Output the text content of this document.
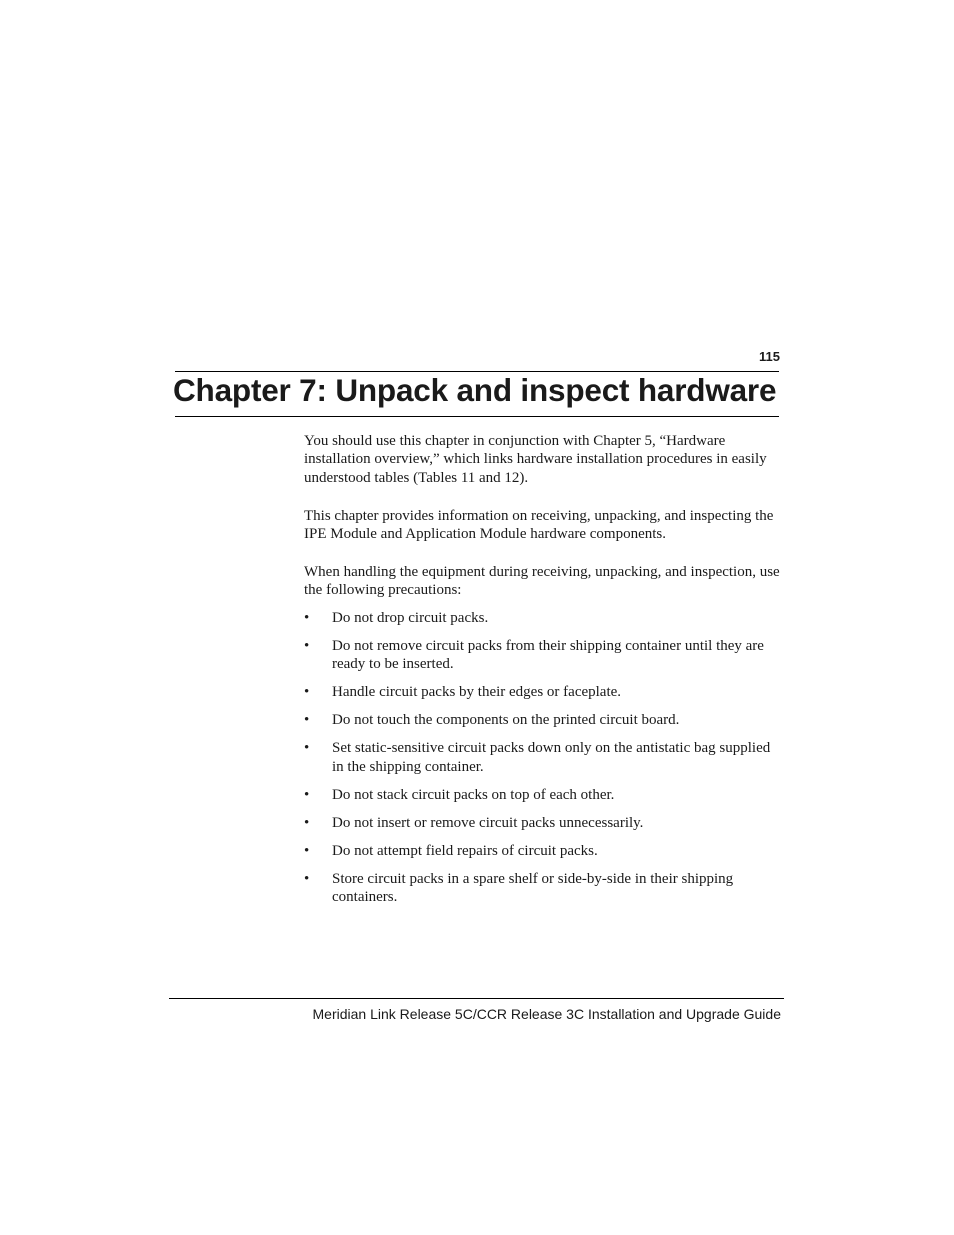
115
Chapter 7: Unpack and inspect hardware

You should use this chapter in conjunction with Chapter 5, “Hardware installation overview,” which links hardware installation procedures in easily understood tables (Tables 11 and 12).

This chapter provides information on receiving, unpacking, and inspecting the IPE Module and Application Module hardware components.

When handling the equipment during receiving, unpacking, and inspection, use the following precautions:

• Do not drop circuit packs.
• Do not remove circuit packs from their shipping container until they are ready to be inserted.
• Handle circuit packs by their edges or faceplate.
• Do not touch the components on the printed circuit board.
• Set static-sensitive circuit packs down only on the antistatic bag supplied in the shipping container.
• Do not stack circuit packs on top of each other.
• Do not insert or remove circuit packs unnecessarily.
• Do not attempt field repairs of circuit packs.
• Store circuit packs in a spare shelf or side-by-side in their shipping containers.
Meridian Link Release 5C/CCR Release 3C Installation and Upgrade Guide
